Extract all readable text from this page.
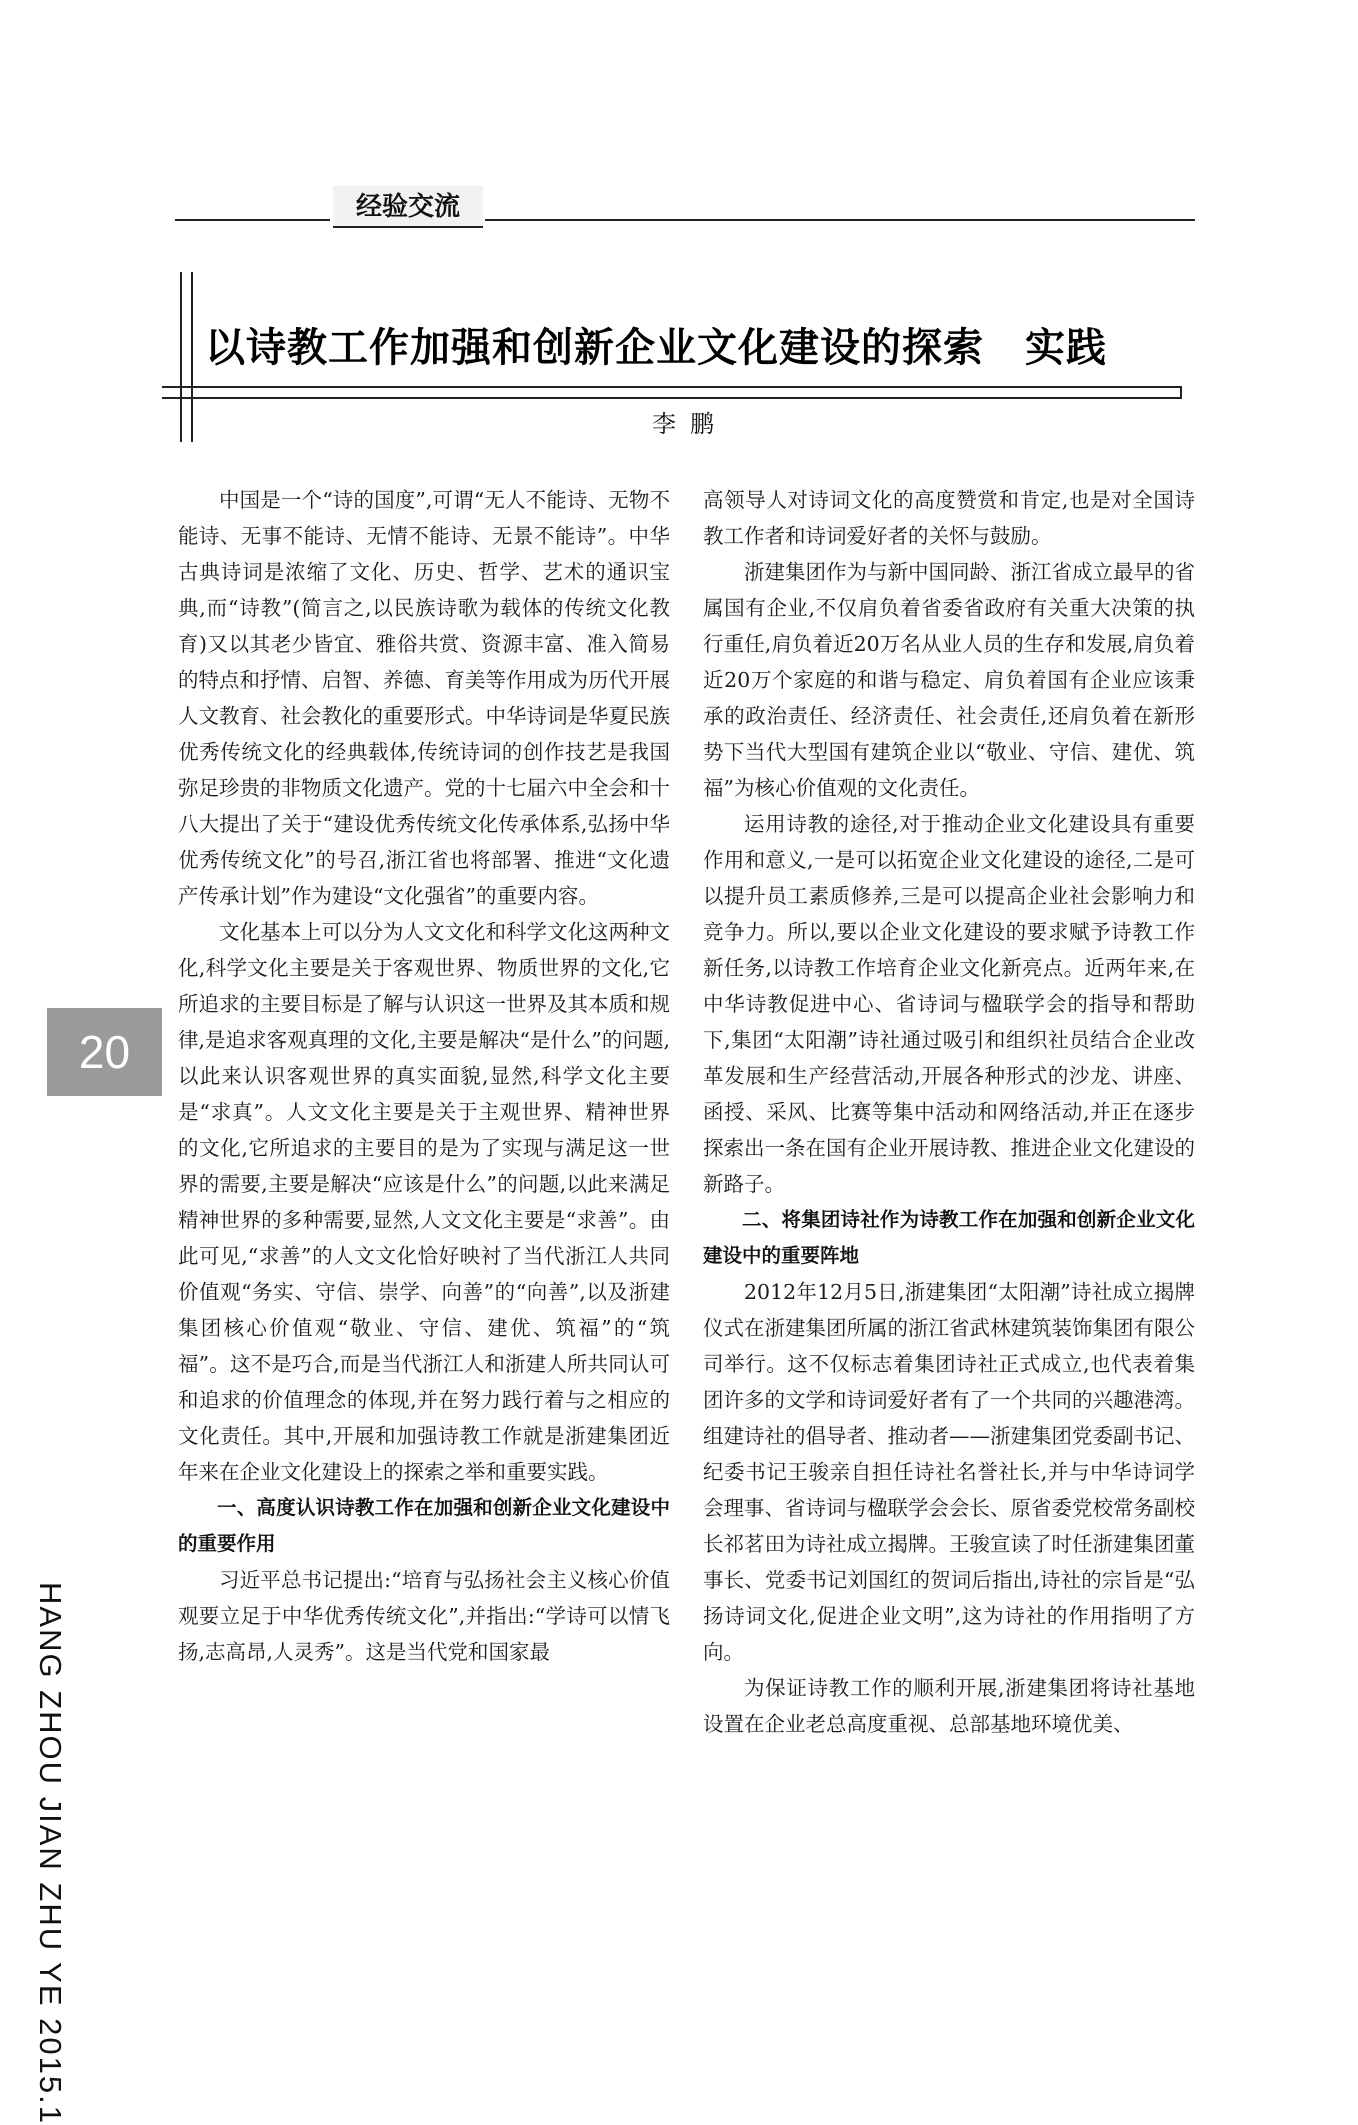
经验交流
以诗教工作加强和创新企业文化建设的探索　实践
李鹏

中国是一个“诗的国度”,可谓“无人不能诗、无物不能诗、无事不能诗、无情不能诗、无景不能诗”。中华古典诗词是浓缩了文化、历史、哲学、艺术的通识宝典,而“诗教”(简言之,以民族诗歌为载体的传统文化教育)又以其老少皆宜、雅俗共赏、资源丰富、准入简易的特点和抒情、启智、养德、育美等作用成为历代开展人文教育、社会教化的重要形式。中华诗词是华夏民族优秀传统文化的经典载体,传统诗词的创作技艺是我国弥足珍贵的非物质文化遗产。党的十七届六中全会和十八大提出了关于“建设优秀传统文化传承体系,弘扬中华优秀传统文化”的号召,浙江省也将部署、推进“文化遗产传承计划”作为建设“文化强省”的重要内容。

文化基本上可以分为人文文化和科学文化这两种文化,科学文化主要是关于客观世界、物质世界的文化,它所追求的主要目标是了解与认识这一世界及其本质和规律,是追求客观真理的文化,主要是解决“是什么”的问题,以此来认识客观世界的真实面貌,显然,科学文化主要是“求真”。人文文化主要是关于主观世界、精神世界的文化,它所追求的主要目的是为了实现与满足这一世界的需要,主要是解决“应该是什么”的问题,以此来满足精神世界的多种需要,显然,人文文化主要是“求善”。由此可见,“求善”的人文文化恰好映衬了当代浙江人共同价值观“务实、守信、崇学、向善”的“向善”,以及浙建集团核心价值观“敬业、守信、建优、筑福”的“筑福”。这不是巧合,而是当代浙江人和浙建人所共同认可和追求的价值理念的体现,并在努力践行着与之相应的文化责任。其中,开展和加强诗教工作就是浙建集团近年来在企业文化建设上的探索之举和重要实践。

一、高度认识诗教工作在加强和创新企业文化建设中的重要作用

习近平总书记提出:“培育与弘扬社会主义核心价值观要立足于中华优秀传统文化”,并指出:“学诗可以情飞扬,志高昂,人灵秀”。这是当代党和国家最

高领导人对诗词文化的高度赞赏和肯定,也是对全国诗教工作者和诗词爱好者的关怀与鼓励。

浙建集团作为与新中国同龄、浙江省成立最早的省属国有企业,不仅肩负着省委省政府有关重大决策的执行重任,肩负着近20万名从业人员的生存和发展,肩负着近20万个家庭的和谐与稳定、肩负着国有企业应该秉承的政治责任、经济责任、社会责任,还肩负着在新形势下当代大型国有建筑企业以“敬业、守信、建优、筑福”为核心价值观的文化责任。

运用诗教的途径,对于推动企业文化建设具有重要作用和意义,一是可以拓宽企业文化建设的途径,二是可以提升员工素质修养,三是可以提高企业社会影响力和竞争力。所以,要以企业文化建设的要求赋予诗教工作新任务,以诗教工作培育企业文化新亮点。近两年来,在中华诗教促进中心、省诗词与楹联学会的指导和帮助下,集团“太阳潮”诗社通过吸引和组织社员结合企业改革发展和生产经营活动,开展各种形式的沙龙、讲座、函授、采风、比赛等集中活动和网络活动,并正在逐步探索出一条在国有企业开展诗教、推进企业文化建设的新路子。

二、将集团诗社作为诗教工作在加强和创新企业文化建设中的重要阵地

2012年12月5日,浙建集团“太阳潮”诗社成立揭牌仪式在浙建集团所属的浙江省武林建筑装饰集团有限公司举行。这不仅标志着集团诗社正式成立,也代表着集团许多的文学和诗词爱好者有了一个共同的兴趣港湾。组建诗社的倡导者、推动者——浙建集团党委副书记、纪委书记王骏亲自担任诗社名誉社长,并与中华诗词学会理事、省诗词与楹联学会会长、原省委党校常务副校长祁茗田为诗社成立揭牌。王骏宣读了时任浙建集团董事长、党委书记刘国红的贺词后指出,诗社的宗旨是“弘扬诗词文化,促进企业文明”,这为诗社的作用指明了方向。

为保证诗教工作的顺利开展,浙建集团将诗社基地设置在企业老总高度重视、总部基地环境优美、

20
HANG ZHOU JIAN ZHU YE 2015.1
